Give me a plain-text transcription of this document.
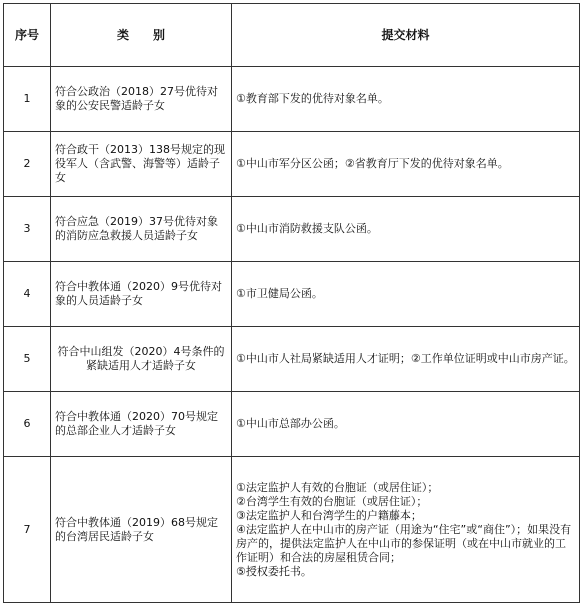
序号	类　　别	提交材料
1	符合公政治（2018）27号优待对象的公安民警适龄子女	①教育部下发的优待对象名单。

2	符合政干（2013）138号规定的现役军人（含武警、海警等）适龄子女	①中山市军分区公函；②省教育厅下发的优待对象名单。

3	符合应急（2019）37号优待对象的消防应急救援人员适龄子女	①中山市消防救援支队公函。

4	符合中教体通（2020）9号优待对象的人员适龄子女	①市卫健局公函。

5	符合中山组发（2020）4号条件的紧缺适用人才适龄子女	①中山市人社局紧缺适用人才证明；②工作单位证明或中山市房产证。

6	符合中教体通（2020）70号规定的总部企业人才适龄子女	①中山市总部办公函。

7	符合中教体通（2019）68号规定的台湾居民适龄子女	①法定监护人有效的台胞证（或居住证）；
②台湾学生有效的台胞证（或居住证）；
③法定监护人和台湾学生的户籍藤本；
④法定监护人在中山市的房产证（用途为“住宅”或“商住”）；如果没有房产的，提供法定监护人在中山市的参保证明（或在中山市就业的工作证明）和合法的房屋租赁合同；
⑤授权委托书。
